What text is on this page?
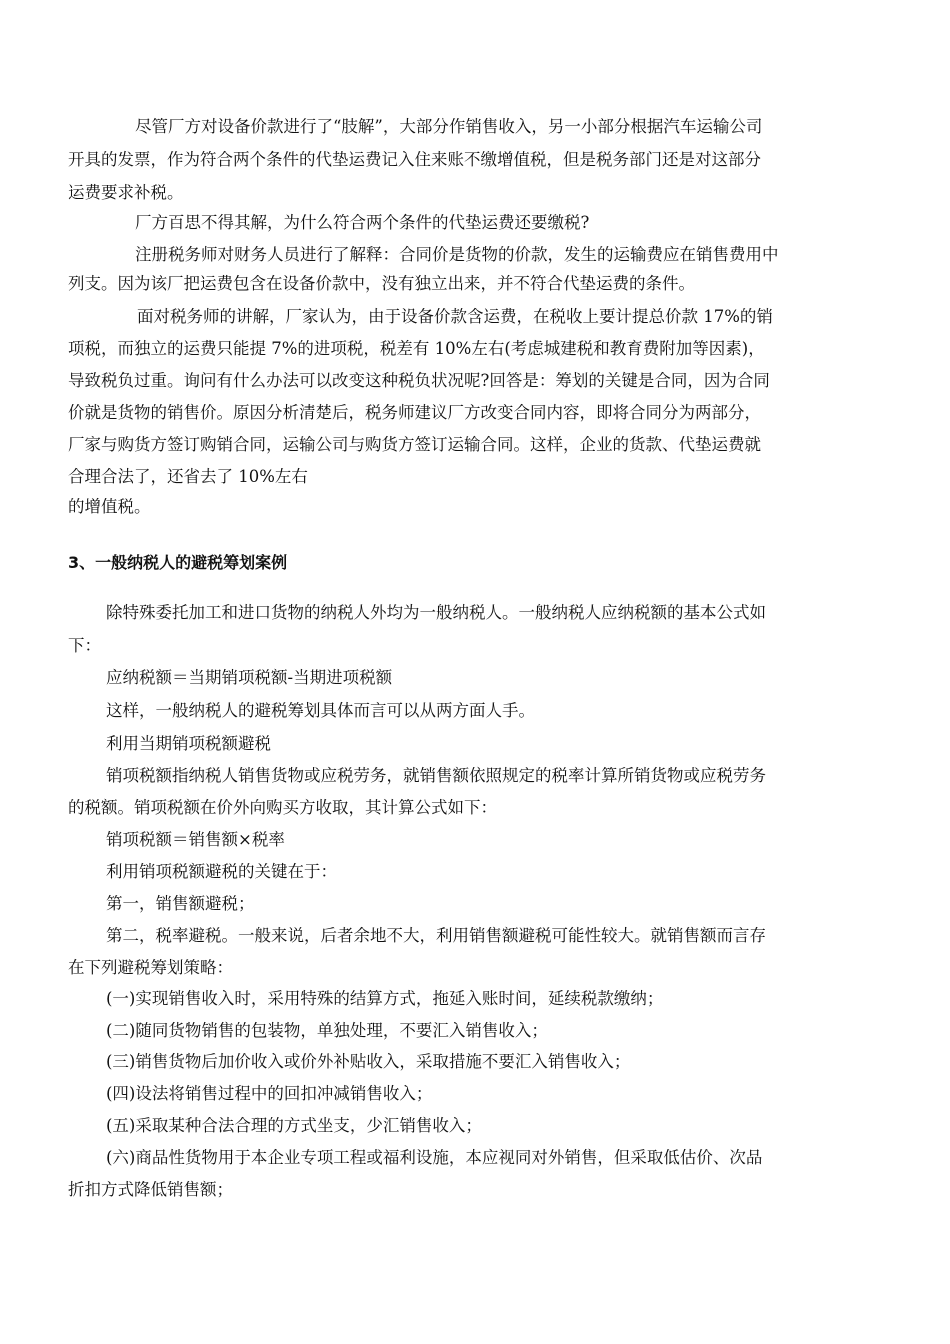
尽管厂方对设备价款进行了“肢解”，大部分作销售收入，另一小部分根据汽车运输公司
开具的发票，作为符合两个条件的代垫运费记入住来账不缴增值税，但是税务部门还是对这部分
运费要求补税。
厂方百思不得其解，为什么符合两个条件的代垫运费还要缴税?
注册税务师对财务人员进行了解释：合同价是货物的价款，发生的运输费应在销售费用中
列支。因为该厂把运费包含在设备价款中，没有独立出来，并不符合代垫运费的条件。
面对税务师的讲解，厂家认为，由于设备价款含运费，在税收上要计提总价款 17%的销
项税，而独立的运费只能提 7%的进项税，税差有 10%左右(考虑城建税和教育费附加等因素)，
导致税负过重。询问有什么办法可以改变这种税负状况呢?回答是：筹划的关键是合同，因为合同
价就是货物的销售价。原因分析清楚后，税务师建议厂方改变合同内容，即将合同分为两部分，
厂家与购货方签订购销合同，运输公司与购货方签订运输合同。这样，企业的货款、代垫运费就
合理合法了，还省去了 10%左右
的增值税。
3、一般纳税人的避税筹划案例
除特殊委托加工和进口货物的纳税人外均为一般纳税人。一般纳税人应纳税额的基本公式如
下：
应纳税额＝当期销项税额-当期进项税额
这样，一般纳税人的避税筹划具体而言可以从两方面人手。
利用当期销项税额避税
销项税额指纳税人销售货物或应税劳务，就销售额依照规定的税率计算所销货物或应税劳务
的税额。销项税额在价外向购买方收取，其计算公式如下：
销项税额＝销售额×税率
利用销项税额避税的关键在于：
第一，销售额避税；
第二，税率避税。一般来说，后者余地不大，利用销售额避税可能性较大。就销售额而言存
在下列避税筹划策略：
(一)实现销售收入时，采用特殊的结算方式，拖延入账时间，延续税款缴纳；
(二)随同货物销售的包装物，单独处理，不要汇入销售收入；
(三)销售货物后加价收入或价外补贴收入，采取措施不要汇入销售收入；
(四)设法将销售过程中的回扣冲减销售收入；
(五)采取某种合法合理的方式坐支，少汇销售收入；
(六)商品性货物用于本企业专项工程或福利设施，本应视同对外销售，但采取低估价、次品
折扣方式降低销售额；
